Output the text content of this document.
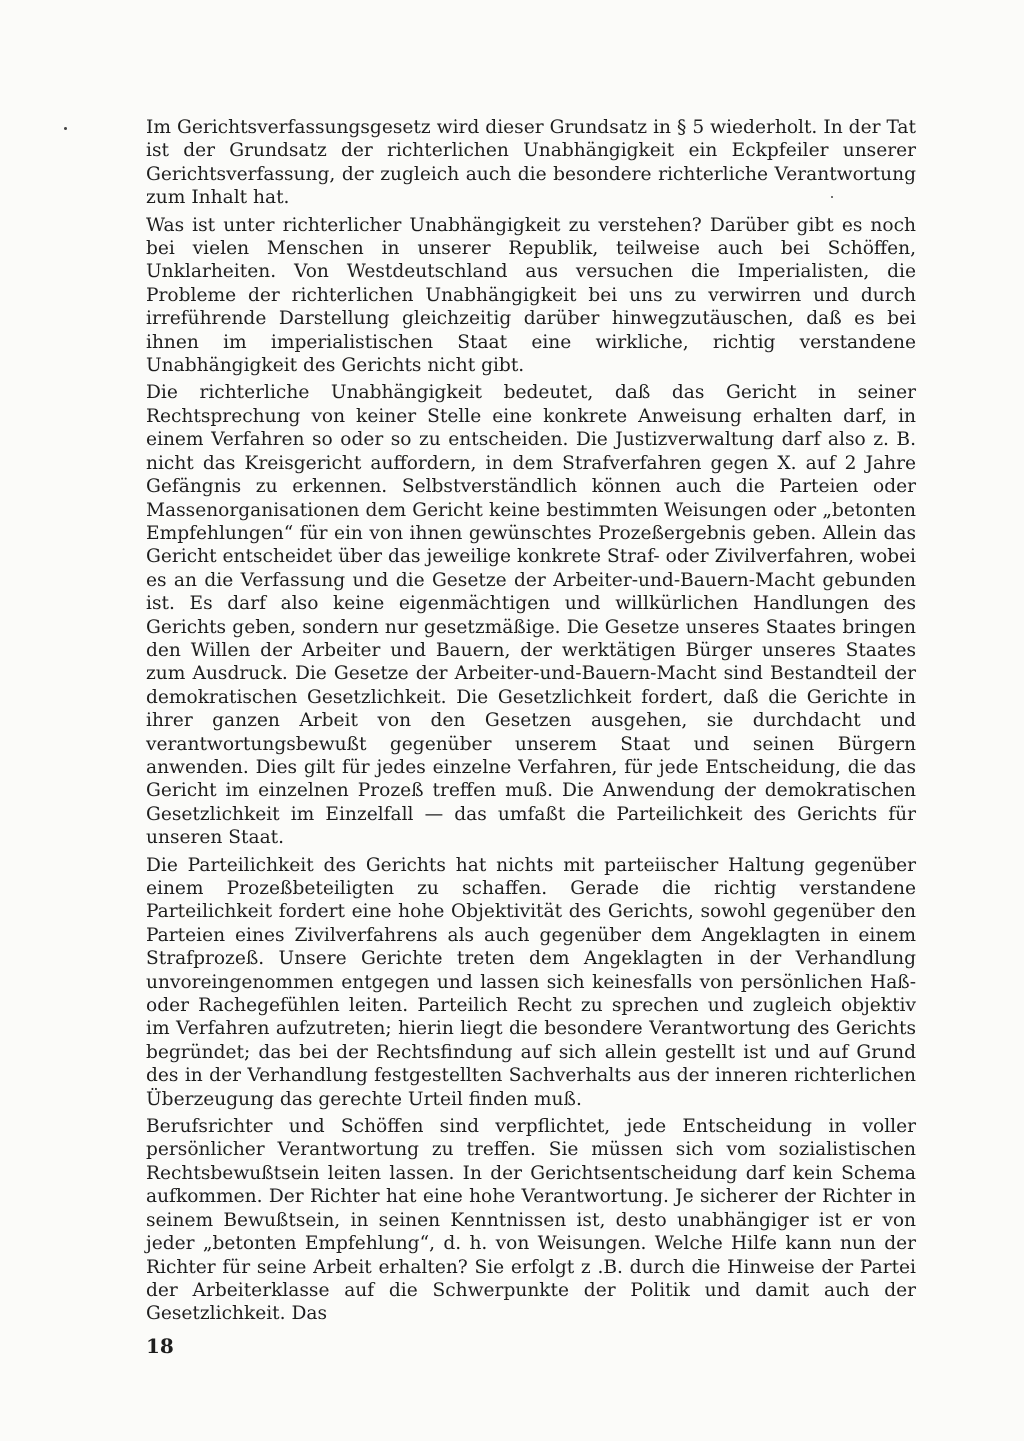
Im Gerichtsverfassungsgesetz wird dieser Grundsatz in § 5 wiederholt. In der Tat ist der Grundsatz der richterlichen Unabhängigkeit ein Eckpfeiler unserer Gerichtsverfassung, der zugleich auch die besondere richterliche Verantwortung zum Inhalt hat.

Was ist unter richterlicher Unabhängigkeit zu verstehen? Darüber gibt es noch bei vielen Menschen in unserer Republik, teilweise auch bei Schöffen, Unklarheiten. Von Westdeutschland aus versuchen die Imperialisten, die Probleme der richterlichen Unabhängigkeit bei uns zu verwirren und durch irreführende Darstellung gleichzeitig darüber hinwegzutäuschen, daß es bei ihnen im imperialistischen Staat eine wirkliche, richtig verstandene Unabhängigkeit des Gerichts nicht gibt.

Die richterliche Unabhängigkeit bedeutet, daß das Gericht in seiner Rechtsprechung von keiner Stelle eine konkrete Anweisung erhalten darf, in einem Verfahren so oder so zu entscheiden. Die Justizverwaltung darf also z. B. nicht das Kreisgericht auffordern, in dem Strafverfahren gegen X. auf 2 Jahre Gefängnis zu erkennen. Selbstverständlich können auch die Parteien oder Massenorganisationen dem Gericht keine bestimmten Weisungen oder „betonten Empfehlungen“ für ein von ihnen gewünschtes Prozeßergebnis geben. Allein das Gericht entscheidet über das jeweilige konkrete Straf- oder Zivilverfahren, wobei es an die Verfassung und die Gesetze der Arbeiter-und-Bauern-Macht gebunden ist. Es darf also keine eigenmächtigen und willkürlichen Handlungen des Gerichts geben, sondern nur gesetzmäßige. Die Gesetze unseres Staates bringen den Willen der Arbeiter und Bauern, der werktätigen Bürger unseres Staates zum Ausdruck. Die Gesetze der Arbeiter-und-Bauern-Macht sind Bestandteil der demokratischen Gesetzlichkeit. Die Gesetzlichkeit fordert, daß die Gerichte in ihrer ganzen Arbeit von den Gesetzen ausgehen, sie durchdacht und verantwortungsbewußt gegenüber unserem Staat und seinen Bürgern anwenden. Dies gilt für jedes einzelne Verfahren, für jede Entscheidung, die das Gericht im einzelnen Prozeß treffen muß. Die Anwendung der demokratischen Gesetzlichkeit im Einzelfall — das umfaßt die Parteilichkeit des Gerichts für unseren Staat.

Die Parteilichkeit des Gerichts hat nichts mit parteiischer Haltung gegenüber einem Prozeßbeteiligten zu schaffen. Gerade die richtig verstandene Parteilichkeit fordert eine hohe Objektivität des Gerichts, sowohl gegenüber den Parteien eines Zivilverfahrens als auch gegenüber dem Angeklagten in einem Strafprozeß. Unsere Gerichte treten dem Angeklagten in der Verhandlung unvoreingenommen entgegen und lassen sich keinesfalls von persönlichen Haß- oder Rachegefühlen leiten. Parteilich Recht zu sprechen und zugleich objektiv im Verfahren aufzutreten; hierin liegt die besondere Verantwortung des Gerichts begründet; das bei der Rechtsfindung auf sich allein gestellt ist und auf Grund des in der Verhandlung festgestellten Sachverhalts aus der inneren richterlichen Überzeugung das gerechte Urteil finden muß.

Berufsrichter und Schöffen sind verpflichtet, jede Entscheidung in voller persönlicher Verantwortung zu treffen. Sie müssen sich vom sozialistischen Rechtsbewußtsein leiten lassen. In der Gerichtsentscheidung darf kein Schema aufkommen. Der Richter hat eine hohe Verantwortung. Je sicherer der Richter in seinem Bewußtsein, in seinen Kenntnissen ist, desto unabhängiger ist er von jeder „betonten Empfehlung“, d. h. von Weisungen. Welche Hilfe kann nun der Richter für seine Arbeit erhalten? Sie erfolgt z .B. durch die Hinweise der Partei der Arbeiterklasse auf die Schwerpunkte der Politik und damit auch der Gesetzlichkeit. Das

18
